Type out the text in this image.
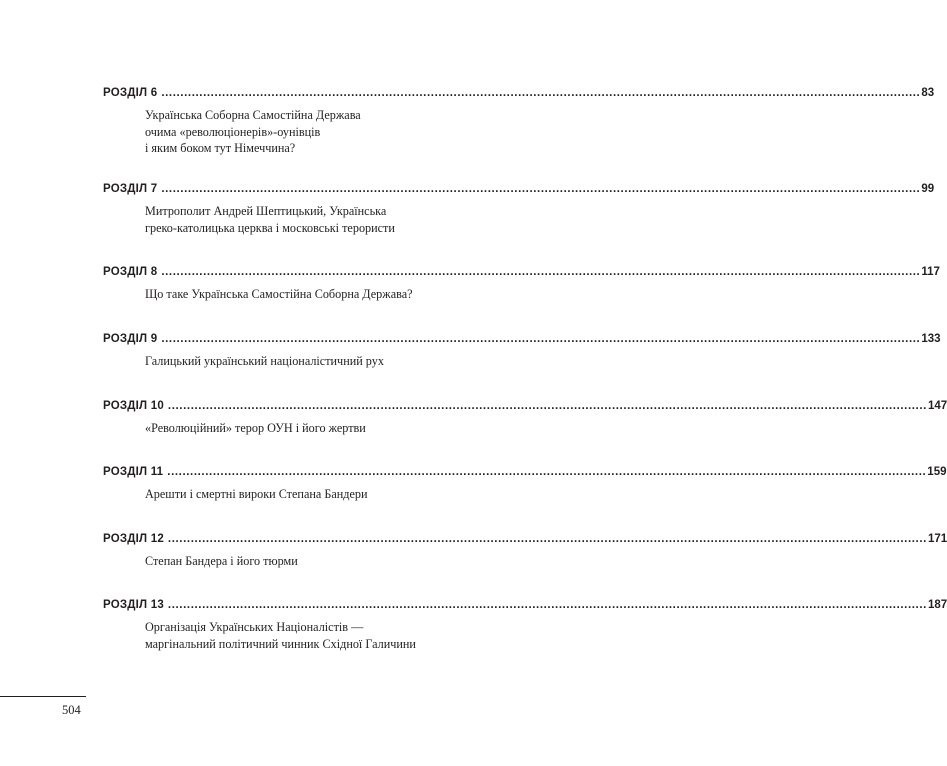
РОЗДІЛ 6 ........................................................................................................................................................................................................ 83
Українська Соборна Самостійна Держава
очима «революціонерів»-оунівців
і яким боком тут Німеччина?
РОЗДІЛ 7 ........................................................................................................................................................................................................ 99
Митрополит Андрей Шептицький, Українська
греко-католицька церква і московські терористи
РОЗДІЛ 8 ........................................................................................................................................................................................................ 117
Що таке Українська Самостійна Соборна Держава?
РОЗДІЛ 9 ........................................................................................................................................................................................................ 133
Галицький український націоналістичний рух
РОЗДІЛ 10 ........................................................................................................................................................................................................ 147
«Революційний» терор ОУН і його жертви
РОЗДІЛ 11 ........................................................................................................................................................................................................ 159
Арешти і смертні вироки Степана Бандери
РОЗДІЛ 12 ........................................................................................................................................................................................................ 171
Степан Бандера і його тюрми
РОЗДІЛ 13 ........................................................................................................................................................................................................ 187
Організація Українських Націоналістів —
маргінальний політичний чинник Східної Галичини
504
